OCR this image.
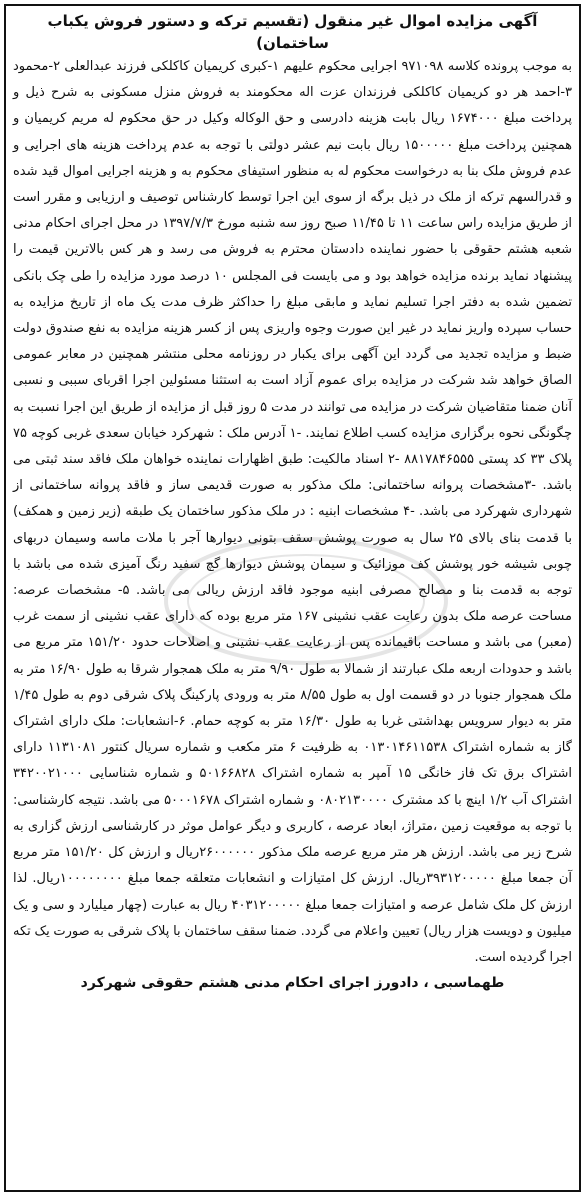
آگهی مزایده اموال غیر منقول (تقسیم ترکه و دستور فروش یکباب ساختمان)

به موجب پرونده کلاسه ۹۷۱۰۹۸ اجرایی محکوم علیهم ۱-کبری کریمیان کاکلکی فرزند عبدالعلی ۲-محمود ۳-احمد هر دو کریمیان کاکلکی فرزندان عزت اله محکومند به فروش منزل مسکونی به شرح ذیل و پرداخت مبلغ ۱۶۷۴۰۰۰ ریال بابت هزینه دادرسی و حق الوکاله وکیل در حق محکوم له مریم کریمیان و همچنین پرداخت مبلغ ۱۵۰۰۰۰۰ ریال بابت نیم عشر دولتی با توجه به عدم پرداخت هزینه های اجرایی و عدم فروش ملک بنا به درخواست محکوم له به منظور استیفای محکوم به و هزینه اجرایی اموال قید شده و قدرالسهم ترکه از ملک در ذیل برگه از سوی این اجرا توسط کارشناس توصیف و ارزیابی و مقرر است از طریق مزایده راس ساعت ۱۱ تا ۱۱/۴۵ صبح روز سه شنبه مورخ ۱۳۹۷/۷/۳ در محل اجرای احکام مدنی شعبه هشتم حقوقی با حضور نماینده دادستان محترم به فروش می رسد و هر کس بالاترین قیمت را پیشنهاد نماید برنده مزایده خواهد بود و می بایست فی المجلس ۱۰ درصد مورد مزایده را طی چک بانکی تضمین شده به دفتر اجرا تسلیم نماید و مابقی مبلغ را حداکثر ظرف مدت یک ماه از تاریخ مزایده به حساب سپرده واریز نماید در غیر این صورت وجوه واریزی پس از کسر هزینه مزایده به نفع صندوق دولت ضبط و مزایده تجدید می گردد این آگهی برای یکبار در روزنامه محلی منتشر همچنین در معابر عمومی الصاق خواهد شد شرکت در مزایده برای عموم آزاد است به استثنا مسئولین اجرا اقربای سببی و نسبی آنان ضمنا متقاضیان شرکت در مزایده می توانند در مدت ۵ روز قبل از مزایده از طریق این اجرا نسبت به چگونگی نحوه برگزاری مزایده کسب اطلاع نمایند. -۱ آدرس ملک : شهرکرد خیابان سعدی غربی کوچه ۷۵ پلاک ۳۳ کد پستی ۸۸۱۷۸۴۶۵۵۵ -۲ اسناد مالکیت: طبق اظهارات نماینده خواهان ملک فاقد سند ثبتی می باشد. -۳مشخصات پروانه ساختمانی: ملک مذکور به صورت قدیمی ساز و فاقد پروانه ساختمانی از شهرداری شهرکرد می باشد. -۴ مشخصات ابنیه : در ملک مذکور ساختمان یک طبقه (زیر زمین و همکف) با قدمت بنای بالای ۲۵ سال به صورت پوشش سقف بتونی دیوارها آجر با ملات ماسه وسیمان دربهای چوبی شیشه خور پوشش کف موزائیک و سیمان پوشش دیوارها گچ سفید رنگ آمیزی شده می باشد با توجه به قدمت بنا و مصالح مصرفی ابنیه موجود فاقد ارزش ریالی می باشد. ۵- مشخصات عرصه: مساحت عرصه ملک بدون رعایت عقب نشینی ۱۶۷ متر مربع بوده که دارای عقب نشینی از سمت غرب (معبر) می باشد و مساحت باقیمانده پس از رعایت عقب نشینی و اصلاحات حدود ۱۵۱/۲۰ متر مربع می باشد و حدودات اربعه ملک عبارتند از شمالا به طول ۹/۹۰ متر به ملک همجوار شرقا به طول ۱۶/۹۰ متر به ملک همجوار جنوبا در دو قسمت اول به طول ۸/۵۵ متر به ورودی پارکینگ پلاک شرقی دوم به طول ۱/۴۵ متر به دیوار سرویس بهداشتی غربا به طول ۱۶/۳۰ متر به کوچه حمام. ۶-انشعابات: ملک دارای اشتراک گاز به شماره اشتراک ۰۱۳۰۱۴۶۱۱۵۳۸ به ظرفیت ۶ متر مکعب و شماره سریال کنتور ۱۱۳۱۰۸۱ دارای اشتراک برق تک فاز خانگی ۱۵ آمپر به شماره اشتراک ۵۰۱۶۶۸۲۸ و شماره شناسایی ۳۴۲۰۰۲۱۰۰۰ اشتراک آب ۱/۲ اینچ با کد مشترک ۰۸۰۲۱۳۰۰۰۰ و شماره اشتراک ۵۰۰۰۱۶۷۸ می باشد. نتیجه کارشناسی: با توجه به موقعیت زمین ،متراژ، ابعاد عرصه ، کاربری و دیگر عوامل موثر در کارشناسی ارزش گزاری به شرح زیر می باشد. ارزش هر متر مربع عرصه ملک مذکور ۲۶۰۰۰۰۰۰ریال و ارزش کل ۱۵۱/۲۰ متر مربع آن جمعا مبلغ ۳۹۳۱۲۰۰۰۰۰ریال. ارزش کل امتیازات و انشعابات متعلقه جمعا مبلغ ۱۰۰۰۰۰۰۰۰ریال. لذا ارزش کل ملک شامل عرصه و امتیازات جمعا مبلغ ۴۰۳۱۲۰۰۰۰۰ ریال به عبارت (چهار میلیارد و سی و یک میلیون و دویست هزار ریال) تعیین واعلام می گردد. ضمنا سقف ساختمان با پلاک شرقی به صورت یک تکه اجرا گردیده است.

طهماسبی ، دادورز اجرای احکام مدنی هشتم حقوقی شهرکرد
